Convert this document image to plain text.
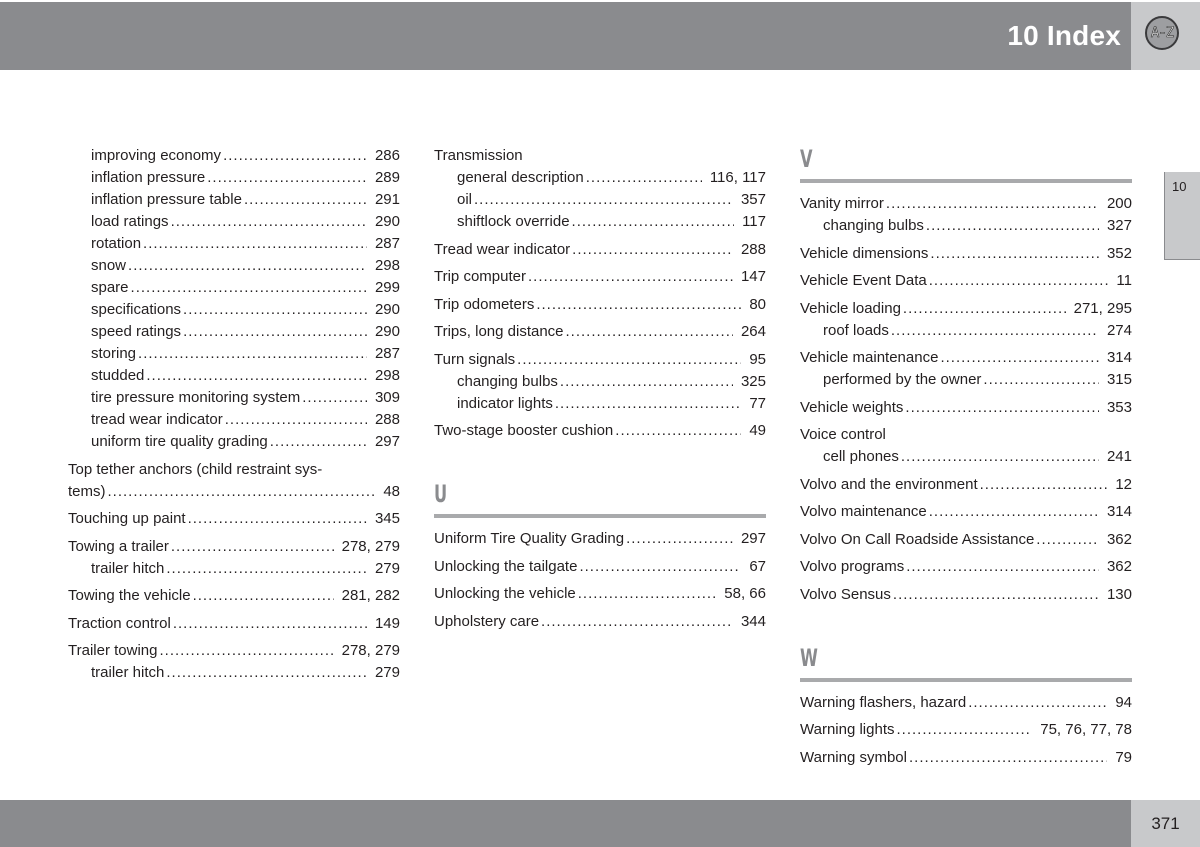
10 Index	A-Z
10
improving economy .....	286
inflation pressure .....	289
inflation pressure table .....	291
load ratings .....	290
rotation .....	287
snow .....	298
spare .....	299
specifications .....	290
speed ratings .....	290
storing .....	287
studded .....	298
tire pressure monitoring system .....	309
tread wear indicator .....	288
uniform tire quality grading .....	297
Top tether anchors (child restraint sys-
tems) .....	48
Touching up paint .....	345
Towing a trailer .....	278, 279
trailer hitch .....	279
Towing the vehicle .....	281, 282
Traction control .....	149
Trailer towing .....	278, 279
trailer hitch .....	279
Transmission
general description .....	116, 117
oil .....	357
shiftlock override .....	117
Tread wear indicator .....	288
Trip computer .....	147
Trip odometers .....	80
Trips, long distance .....	264
Turn signals .....	95
changing bulbs .....	325
indicator lights .....	77
Two-stage booster cushion .....	49
U
Uniform Tire Quality Grading .....	297
Unlocking the tailgate .....	67
Unlocking the vehicle .....	58, 66
Upholstery care .....	344
V
Vanity mirror .....	200
changing bulbs .....	327
Vehicle dimensions .....	352
Vehicle Event Data .....	11
Vehicle loading .....	271, 295
roof loads .....	274
Vehicle maintenance .....	314
performed by the owner .....	315
Vehicle weights .....	353
Voice control
cell phones .....	241
Volvo and the environment .....	12
Volvo maintenance .....	314
Volvo On Call Roadside Assistance .....	362
Volvo programs .....	362
Volvo Sensus .....	130
W
Warning flashers, hazard .....	94
Warning lights .....	75, 76, 77, 78
Warning symbol .....	79
371
